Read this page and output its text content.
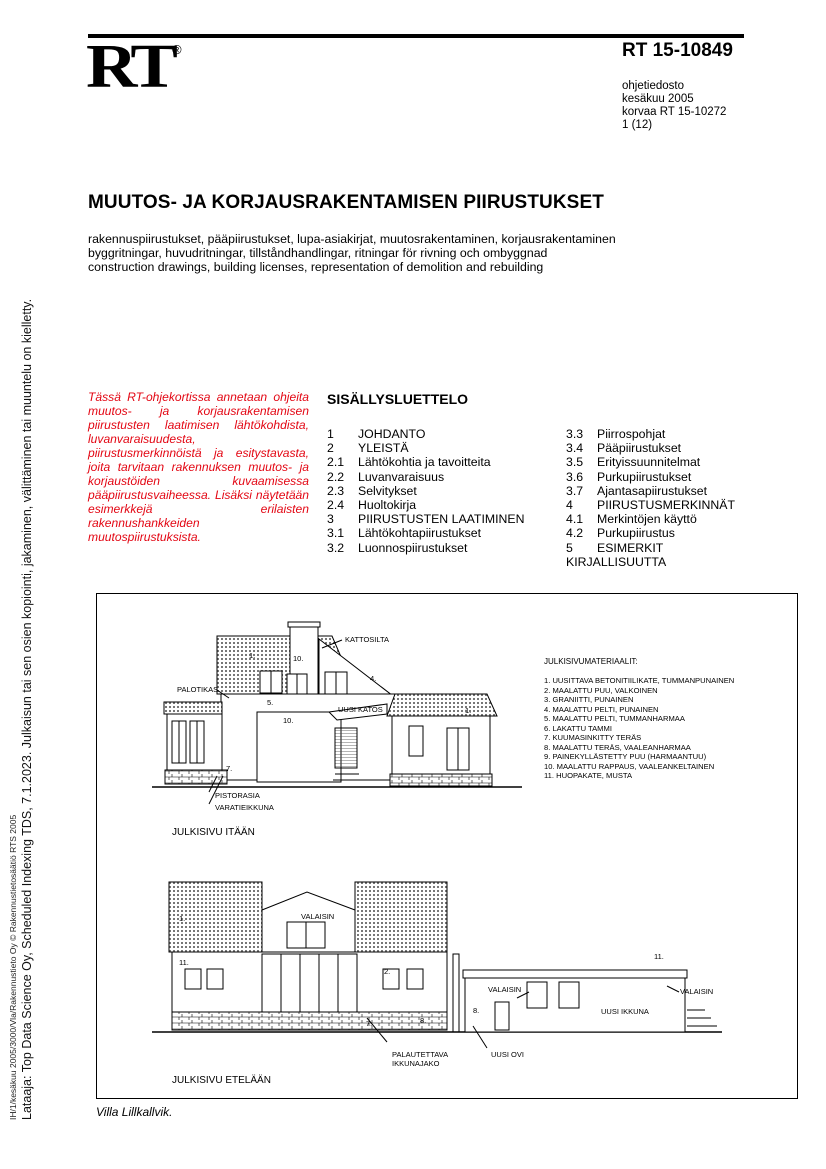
RT
®	RT 15-10849
ohjetiedosto
kesäkuu 2005
korvaa RT 15-10272
1 (12)
MUUTOS- JA KORJAUSRAKENTAMISEN PIIRUSTUKSET
rakennuspiirustukset, pääpiirustukset, lupa-asiakirjat, muutosrakentaminen, korjausrakentaminen
byggritningar, huvudritningar, tillståndhandlingar, ritningar för rivning och ombyggnad
construction drawings, building licenses, representation of demolition and rebuilding
IH/1/kesäkuu 2005/3000/Vla/Rakennustieto Oy © Rakennustietosäätiö RTS 2005 Lataaja: Top Data Science Oy, Scheduled Indexing TDS, 7.1.2023. Julkaisun tai sen osien kopiointi, jakaminen, välittäminen tai muuntelu on kielletty.	Tässä RT-ohjekortissa annetaan ohjeita muutos- ja korjausrakentamisen piirustusten laatimisen lähtökohdista, luvanvaraisuudesta, piirustusmerkinnöistä ja esitystavasta, joita tarvitaan rakennuksen muutos- ja korjaustöiden kuvaamisessa pääpiirustusvaiheessa. Lisäksi näytetään esimerkkejä erilaisten rakennushankkeiden muutospiirustuksista.
SISÄLLYSLUETTELO
1	JOHDANTO
2	YLEISTÄ
2.1	Lähtökohtia ja tavoitteita
2.2	Luvanvaraisuus
2.3	Selvitykset
2.4	Huoltokirja
3	PIIRUSTUSTEN LAATIMINEN
3.1	Lähtökohtapiirustukset
3.2	Luonnospiirustukset
3.3	Piirrospohjat
3.4	Pääpiirustukset
3.5	Erityissuunnitelmat
3.6	Purkupiirustukset
3.7	Ajantasapiirustukset
4	PIIRUSTUSMERKINNÄT
4.1	Merkintöjen käyttö
4.2	Purkupiirustus
5	ESIMERKIT
KIRJALLISUUTTA
KATTOSILTA
PALOTIKAS
UUSI KATOS
PISTORASIA
VARATIEIKKUNA
1.	10.
4.
5.
10.
1.
7.
JULKISIVU ITÄÄN
JULKISIVUMATERIAALIT:
1. UUSITTAVA BETONITIILIKATE, TUMMANPUNAINEN
2. MAALATTU PUU, VALKOINEN
3. GRANIITTI, PUNAINEN
4. MAALATTU PELTI, PUNAINEN
5. MAALATTU PELTI, TUMMANHARMAA
6. LAKATTU TAMMI
7. KUUMASINKITTY TERÄS
8. MAALATTU TERÄS, VAALEANHARMAA
9. PAINEKYLLÄSTETTY PUU (HARMAANTUU)
10. MAALATTU RAPPAUS, VAALEANKELTAINEN
11. HUOPAKATE, MUSTA
VALAISIN
VALAISIN	VALAISIN
UUSI IKKUNA
PALAUTETTAVA
IKKUNAJAKO
UUSI OVI
1.
11.
2.
7.	8.
8.
11.
JULKISIVU ETELÄÄN
Villa Lillkallvik.
